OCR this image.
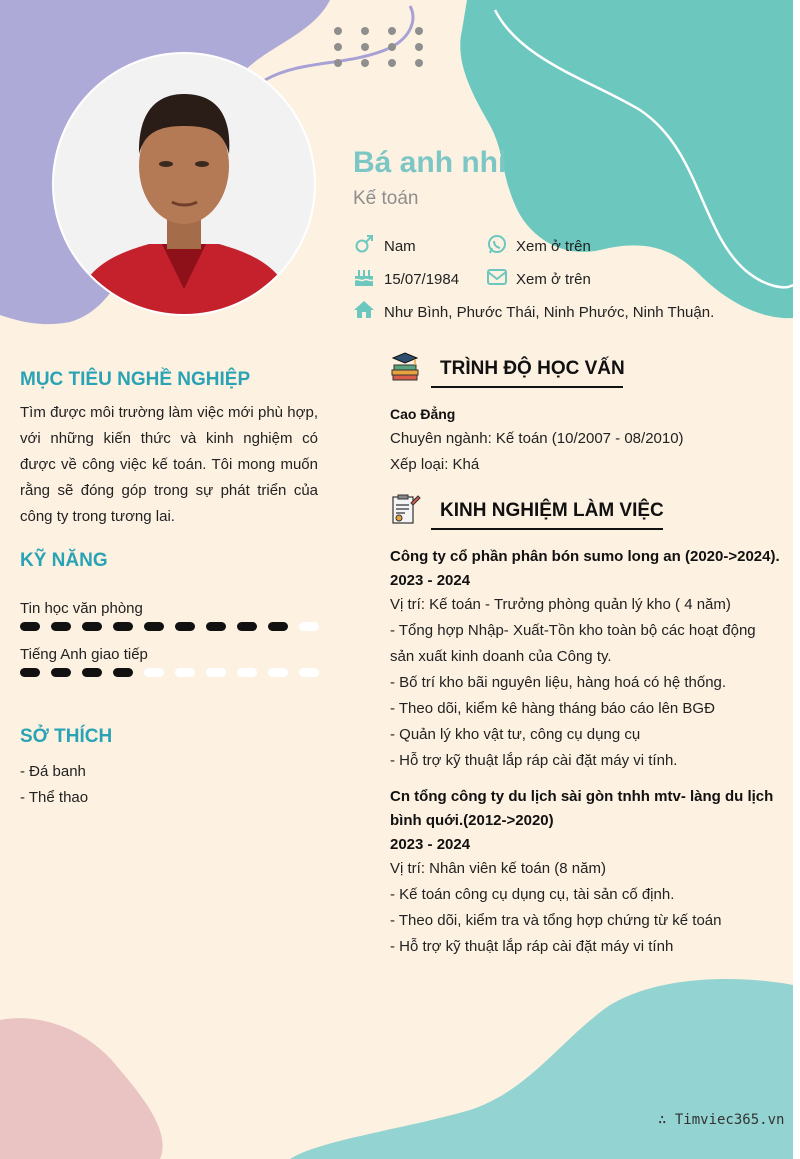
Bá anh nhi
Kế toán
Nam	Xem ở trên
15/07/1984	Xem ở trên
Như Bình, Phước Thái, Ninh Phước, Ninh Thuận.
MỤC TIÊU NGHỀ NGHIỆP
Tìm được môi trường làm việc mới phù hợp, với những kiến thức và kinh nghiệm có được về công việc kế toán. Tôi mong muốn rằng sẽ đóng góp trong sự phát triển của công ty trong tương lai.
KỸ NĂNG
Tin học văn phòng
Tiếng Anh giao tiếp
SỞ THÍCH
- Đá banh
- Thể thao
TRÌNH ĐỘ HỌC VẤN
Cao Đẳng
Chuyên ngành: Kế toán (10/2007 - 08/2010)
Xếp loại: Khá
KINH NGHIỆM LÀM VIỆC
Công ty cổ phần phân bón sumo long an (2020->2024).
2023 - 2024
Vị trí: Kế toán - Trưởng phòng quản lý kho ( 4 năm)
- Tổng hợp Nhập- Xuất-Tồn kho toàn bộ các hoạt động
sản xuất kinh doanh của Công ty.
- Bố trí kho bãi nguyên liệu, hàng hoá có hệ thống.
- Theo dõi, kiểm kê hàng tháng báo cáo lên BGĐ
- Quản lý kho vật tư, công cụ dụng cụ
- Hỗ trợ kỹ thuật lắp ráp cài đặt máy vi tính.
Cn tổng công ty du lịch sài gòn tnhh mtv- làng du lịch
bình quới.(2012->2020)
2023 - 2024
Vị trí: Nhân viên kế toán (8 năm)
- Kế toán công cụ dụng cụ, tài sản cố định.
- Theo dõi, kiểm tra và tổng hợp chứng từ kế toán
- Hỗ trợ kỹ thuật lắp ráp cài đặt máy vi tính
∴ Timviec365.vn
